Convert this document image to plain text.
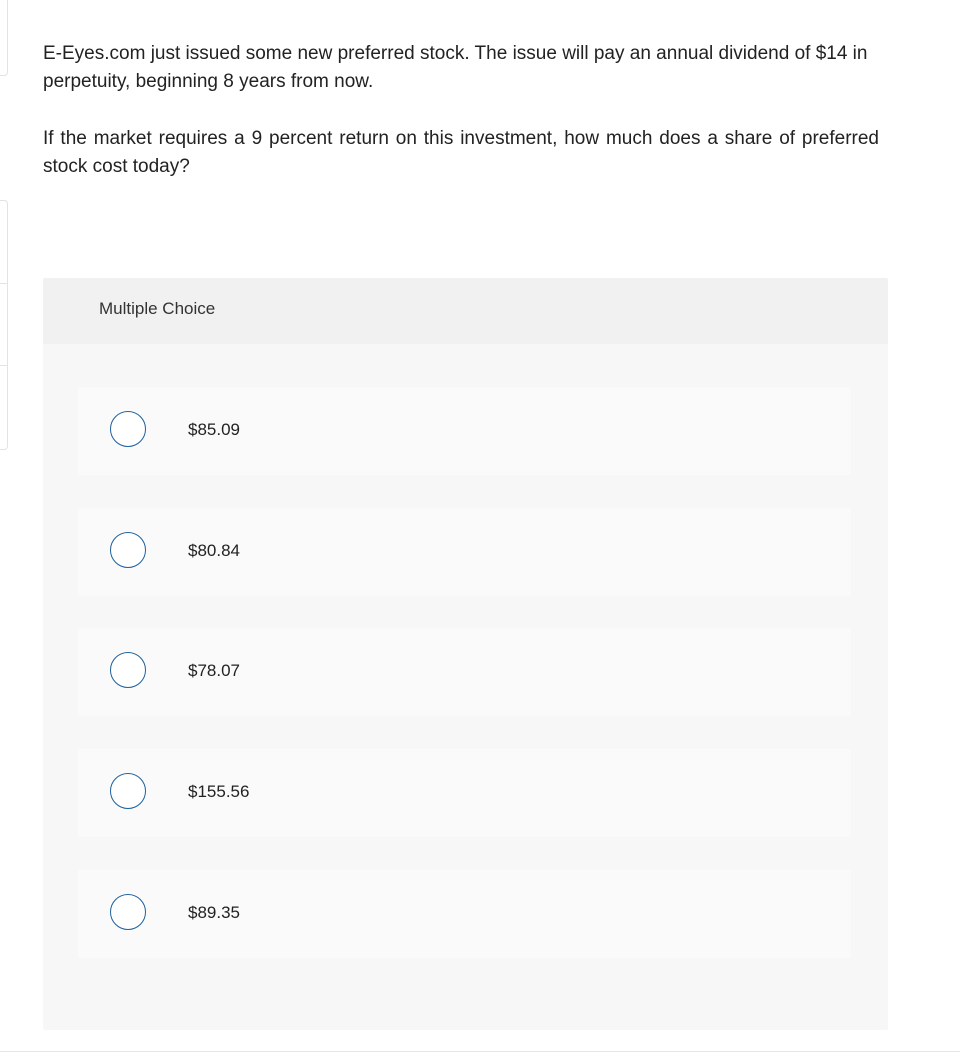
E-Eyes.com just issued some new preferred stock. The issue will pay an annual dividend of $14 in perpetuity, beginning 8 years from now.

If the market requires a 9 percent return on this investment, how much does a share of preferred stock cost today?

Multiple Choice
$85.09
$80.84
$78.07
$155.56
$89.35
